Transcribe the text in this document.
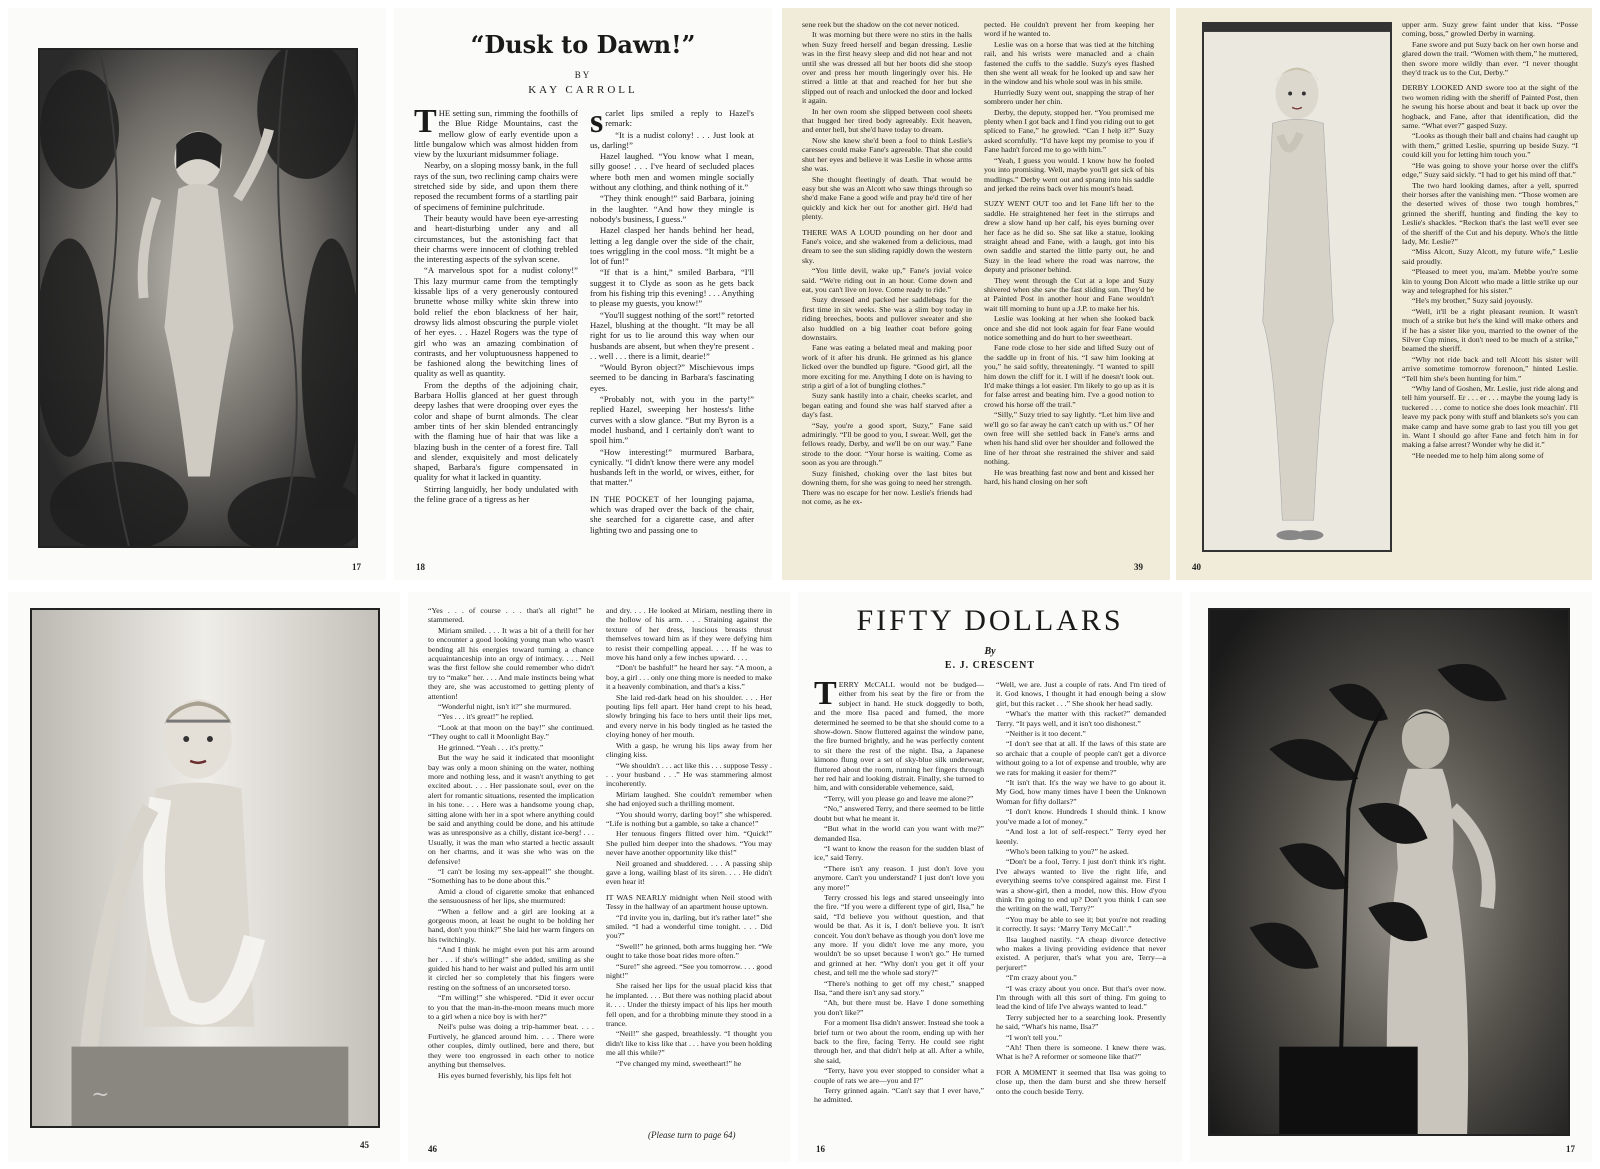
17
“Dusk to Dawn!”
BY
KAY CARROLL

THE setting sun, rimming the foothills of the Blue Ridge Mountains, cast the mellow glow of early eventide upon a little bungalow which was almost hidden from view by the luxuriant midsummer foliage.

Nearby, on a sloping mossy bank, in the full rays of the sun, two reclining camp chairs were stretched side by side, and upon them there reposed the recumbent forms of a startling pair of specimens of feminine pulchritude.

Their beauty would have been eye-arresting and heart-disturbing under any and all circumstances, but the astonishing fact that their charms were innocent of clothing trebled the interesting aspects of the sylvan scene.

“A marvelous spot for a nudist colony!” This lazy murmur came from the temptingly kissable lips of a very generously contoured brunette whose milky white skin threw into bold relief the ebon blackness of her hair, drowsy lids almost obscuring the purple violet of her eyes. . . Hazel Rogers was the type of girl who was an amazing combination of contrasts, and her voluptuousness happened to be fashioned along the bewitching lines of quality as well as quantity.

From the depths of the adjoining chair, Barbara Hollis glanced at her guest through deepy lashes that were drooping over eyes the color and shape of burnt almonds. The clear amber tints of her skin blended entrancingly with the flaming hue of hair that was like a blazing bush in the center of a forest fire. Tall and slender, exquisitely and most delicately shaped, Barbara's figure compensated in quality for what it lacked in quantity.

Stirring languidly, her body undulated with the feline grace of a tigress as her

scarlet lips smiled a reply to Hazel's remark:

“It is a nudist colony! . . . Just look at us, darling!”

Hazel laughed. “You know what I mean, silly goose! . . . I've heard of secluded places where both men and women mingle socially without any clothing, and think nothing of it.”

“They think enough!” said Barbara, joining in the laughter. “And how they mingle is nobody's business, I guess.”

Hazel clasped her hands behind her head, letting a leg dangle over the side of the chair, toes wriggling in the cool moss. “It might be a lot of fun!”

“If that is a hint,” smiled Barbara, “I'll suggest it to Clyde as soon as he gets back from his fishing trip this evening! . . . Anything to please my guests, you know!”

“You'll suggest nothing of the sort!” retorted Hazel, blushing at the thought. “It may be all right for us to lie around this way when our husbands are absent, but when they're present . . . well . . . there is a limit, dearie!”

“Would Byron object?” Mischievous imps seemed to be dancing in Barbara's fascinating eyes.

“Probably not, with you in the party!” replied Hazel, sweeping her hostess's lithe curves with a slow glance. “But my Byron is a model husband, and I certainly don't want to spoil him.”

“How interesting!” murmured Barbara, cynically. “I didn't know there were any model husbands left in the world, or wives, either, for that matter.”

IN THE POCKET of her lounging pajama, which was draped over the back of the chair, she searched for a cigarette case, and after lighting two and passing one to

18

sene reek but the shadow on the cot never noticed.

It was morning but there were no stirs in the halls when Suzy freed herself and began dressing. Leslie was in the first heavy sleep and did not hear and not until she was dressed all but her boots did she stoop over and press her mouth lingeringly over his. He stirred a little at that and reached for her but she slipped out of reach and unlocked the door and locked it again.

In her own room she slipped between cool sheets that hugged her tired body agreeably. Exit heaven, and enter hell, but she'd have today to dream.

Now she knew she'd been a fool to think Leslie's caresses could make Fane's agreeable. That she could shut her eyes and believe it was Leslie in whose arms she was.

She thought fleetingly of death. That would be easy but she was an Alcott who saw things through so she'd make Fane a good wife and pray he'd tire of her quickly and kick her out for another girl. He'd had plenty.

THERE WAS A LOUD pounding on her door and Fane's voice, and she wakened from a delicious, mad dream to see the sun sliding rapidly down the western sky.

“You little devil, wake up,” Fane's jovial voice said. “We're riding out in an hour. Come down and eat, you can't live on love. Come ready to ride.”

Suzy dressed and packed her saddlebags for the first time in six weeks. She was a slim boy today in riding breeches, boots and pullover sweater and she also huddled on a big leather coat before going downstairs.

Fane was eating a belated meal and making poor work of it after his drunk. He grinned as his glance licked over the bundled up figure. “Good girl, all the more exciting for me. Anything I dote on is having to strip a girl of a lot of bungling clothes.”

Suzy sank hastily into a chair, cheeks scarlet, and began eating and found she was half starved after a day's fast.

“Say, you're a good sport, Suzy,” Fane said admiringly. “I'll be good to you, I swear. Well, get the fellows ready, Derby, and we'll be on our way.” Fane strode to the door. “Your horse is waiting. Come as soon as you are through.”

Suzy finished, choking over the last bites but downing them, for she was going to need her strength. There was no escape for her now. Leslie's friends had not come, as he ex-

pected. He couldn't prevent her from keeping her word if he wanted to.

Leslie was on a horse that was tied at the hitching rail, and his wrists were manacled and a chain fastened the cuffs to the saddle. Suzy's eyes flashed then she went all weak for he looked up and saw her in the window and his whole soul was in his smile.

Hurriedly Suzy went out, snapping the strap of her sombrero under her chin.

Derby, the deputy, stopped her. “You promised me plenty when I got back and I find you riding out to get spliced to Fane,” he growled. “Can I help it?” Suzy asked scornfully. “I'd have kept my promise to you if Fane hadn't forced me to go with him.”

“Yeah, I guess you would. I know how he fooled you into promising. Well, maybe you'll get sick of his mudlings.” Derby went out and sprang into his saddle and jerked the reins back over his mount's head.

SUZY WENT OUT too and let Fane lift her to the saddle. He straightened her feet in the stirrups and drew a slow hand up her calf, his eyes burning over her face as he did so. She sat like a statue, looking straight ahead and Fane, with a laugh, got into his own saddle and started the little party out, he and Suzy in the lead where the road was narrow, the deputy and prisoner behind.

They went through the Cut at a lope and Suzy shivered when she saw the fast sliding sun. They'd be at Painted Post in another hour and Fane wouldn't wait till morning to hunt up a J.P. to make her his.

Leslie was looking at her when she looked back once and she did not look again for fear Fane would notice something and do hurt to her sweetheart.

Fane rode close to her side and lifted Suzy out of the saddle up in front of his. “I saw him looking at you,” he said softly, threateningly. “I wanted to spill him down the cliff for it. I will if he doesn't look out. It'd make things a lot easier. I'm likely to go up as it is for false arrest and beating him. I've a good notion to crowd his horse off the trail.”

“Silly,” Suzy tried to say lightly. “Let him live and we'll go so far away he can't catch up with us.” Of her own free will she settled back in Fane's arms and when his hand slid over her shoulder and followed the line of her throat she restrained the shiver and said nothing.

He was breathing fast now and bent and kissed her hard, his hand closing on her soft

39

upper arm. Suzy grew faint under that kiss. “Posse coming, boss,” growled Derby in warning.

Fane swore and put Suzy back on her own horse and glared down the trail. “Women with them,” he muttered, then swore more wildly than ever. “I never thought they'd track us to the Cut, Derby.”

DERBY LOOKED AND swore too at the sight of the two women riding with the sheriff of Painted Post, then he swung his horse about and beat it back up over the hogback, and Fane, after that identification, did the same. “What ever?” gasped Suzy.

“Looks as though their ball and chains had caught up with them,” gritted Leslie, spurring up beside Suzy. “I could kill you for letting him touch you.”

“He was going to shove your horse over the cliff's edge,” Suzy said sickly. “I had to get his mind off that.”

The two hard looking dames, after a yell, spurred their horses after the vanishing men. “Those women are the deserted wives of those two tough hombres,” grinned the sheriff, hunting and finding the key to Leslie's shackles. “Reckon that's the last we'll ever see of the sheriff of the Cut and his deputy. Who's the little lady, Mr. Leslie?”

“Miss Alcott, Suzy Alcott, my future wife,” Leslie said proudly.

“Pleased to meet you, ma'am. Mebbe you're some kin to young Don Alcott who made a little strike up our way and telegraphed for his sister.”

“He's my brother,” Suzy said joyously.

“Well, it'll be a right pleasant reunion. It wasn't much of a strike but he's the kind will make others and if he has a sister like you, married to the owner of the Silver Cup mines, it don't need to be much of a strike,” beamed the sheriff.

“Why not ride back and tell Alcott his sister will arrive sometime tomorrow forenoon,” hinted Leslie. “Tell him she's been hunting for him.”

“Why land of Goshen, Mr. Leslie, just ride along and tell him yourself. Er . . . er . . . maybe the young lady is tuckered . . . come to notice she does look meachin'. I'll leave my pack pony with stuff and blankets so's you can make camp and have some grab to last you till you get in. Want I should go after Fane and fetch him in for making a false arrest? Wonder why he did it.”

“He needed me to help him along some of

40
~
45

“Yes . . . of course . . . that's all right!” he stammered.

Miriam smiled. . . . It was a bit of a thrill for her to encounter a good looking young man who wasn't bending all his energies toward turning a chance acquaintanceship into an orgy of intimacy. . . . Neil was the first fellow she could remember who didn't try to “make” her. . . . And male instincts being what they are, she was accustomed to getting plenty of attention!

“Wonderful night, isn't it?” she murmured.

“Yes . . . it's great!” he replied.

“Look at that moon on the bay!” she continued. “They ought to call it Moonlight Bay.”

He grinned. “Yeah . . . it's pretty.”

But the way he said it indicated that moonlight bay was only a moon shining on the water, nothing more and nothing less, and it wasn't anything to get excited about. . . . Her passionate soul, ever on the alert for romantic situations, resented the implication in his tone. . . . Here was a handsome young chap, sitting alone with her in a spot where anything could be said and anything could be done, and his attitude was as unresponsive as a chilly, distant ice-berg! . . . Usually, it was the man who started a hectic assault on her charms, and it was she who was on the defensive!

“I can't be losing my sex-appeal!” she thought. “Something has to be done about this.”

Amid a cloud of cigarette smoke that enhanced the sensuousness of her lips, she murmured:

“When a fellow and a girl are looking at a gorgeous moon, at least he ought to be holding her hand, don't you think?” She laid her warm fingers on his twitchingly.

“And I think he might even put his arm around her . . . if she's willing!” she added, smiling as she guided his hand to her waist and pulled his arm until it circled her so completely that his fingers were resting on the softness of an uncorseted torso.

“I'm willing!” she whispered. “Did it ever occur to you that the man-in-the-moon means much more to a girl when a nice boy is with her?”

Neil's pulse was doing a trip-hammer beat. . . . Furtively, he glanced around him. . . . There were other couples, dimly outlined, here and there, but they were too engrossed in each other to notice anything but themselves.

His eyes burned feverishly, his lips felt hot

and dry. . . . He looked at Miriam, nestling there in the hollow of his arm. . . . Straining against the texture of her dress, luscious breasts thrust themselves toward him as if they were defying him to resist their compelling appeal. . . . If he was to move his hand only a few inches upward. . . .

“Don't be bashful!” he heard her say. “A moon, a boy, a girl . . . only one thing more is needed to make it a heavenly combination, and that's a kiss.”

She laid red-dark head on his shoulder. . . . Her pouting lips fell apart. Her hand crept to his head, slowly bringing his face to hers until their lips met, and every nerve in his body tingled as he tasted the cloying honey of her mouth.

With a gasp, he wrung his lips away from her clinging kiss.

“We shouldn't . . . act like this . . . suppose Tessy . . . your husband . . .” He was stammering almost incoherently.

Miriam laughed. She couldn't remember when she had enjoyed such a thrilling moment.

“You should worry, darling boy!” she whispered. “Life is nothing but a gamble, so take a chance!”

Her tenuous fingers flitted over him. “Quick!” She pulled him deeper into the shadows. “You may never have another opportunity like this!”

Neil groaned and shuddered. . . . A passing ship gave a long, wailing blast of its siren. . . . He didn't even hear it!

IT WAS NEARLY midnight when Neil stood with Tessy in the hallway of an apartment house uptown.

“I'd invite you in, darling, but it's rather late!” she smiled. “I had a wonderful time tonight. . . . Did you?”

“Swell!” he grinned, both arms hugging her. “We ought to take those boat rides more often.”

“Sure!” she agreed. “See you tomorrow. . . . good night!”

She raised her lips for the usual placid kiss that he implanted. . . . But there was nothing placid about it. . . . Under the thirsty impact of his lips her mouth fell open, and for a throbbing minute they stood in a trance.

“Neil!” she gasped, breathlessly. “I thought you didn't like to kiss like that . . . have you been holding me all this while?”

“I've changed my mind, sweetheart!” he

(Please turn to page 64)
46
FIFTY DOLLARS
By
E. J. CRESCENT

TERRY McCALL would not be budged—either from his seat by the fire or from the subject in hand. He stuck doggedly to both, and the more Ilsa paced and fumed, the more determined he seemed to be that she should come to a show-down. Snow fluttered against the window pane, the fire burned brightly, and he was perfectly content to sit there the rest of the night. Ilsa, a Japanese kimono flung over a set of sky-blue silk underwear, fluttered about the room, running her fingers through her red hair and looking distrait. Finally, she turned to him, and with considerable vehemence, said,

“Terry, will you please go and leave me alone?”

“No,” answered Terry, and there seemed to be little doubt but what he meant it.

“But what in the world can you want with me?” demanded Ilsa.

“I want to know the reason for the sudden blast of ice,” said Terry.

“There isn't any reason. I just don't love you anymore. Can't you understand? I just don't love you any more!”

Terry crossed his legs and stared unseeingly into the fire. “If you were a different type of girl, Ilsa,” he said, “I'd believe you without question, and that would be that. As it is, I don't believe you. It isn't conceit. You don't behave as though you don't love me any more. If you didn't love me any more, you wouldn't be so upset because I won't go.” He turned and grinned at her. “Why don't you get it off your chest, and tell me the whole sad story?”

“There's nothing to get off my chest,” snapped Ilsa, “and there isn't any sad story.”

“Ah, but there must be. Have I done something you don't like?”

For a moment Ilsa didn't answer. Instead she took a brief turn or two about the room, ending up with her back to the fire, facing Terry. He could see right through her, and that didn't help at all. After a while, she said,

“Terry, have you ever stopped to consider what a couple of rats we are—you and I?”

Terry grinned again. “Can't say that I ever have,” he admitted.

“Well, we are. Just a couple of rats. And I'm tired of it. God knows, I thought it had enough being a slow girl, but this racket . . .” She shook her head sadly.

“What's the matter with this racket?” demanded Terry. “It pays well, and it isn't too dishonest.”

“Neither is it too decent.”

“I don't see that at all. If the laws of this state are so archaic that a couple of people can't get a divorce without going to a lot of expense and trouble, why are we rats for making it easier for them?”

“It isn't that. It's the way we have to go about it. My God, how many times have I been the Unknown Woman for fifty dollars?”

“I don't know. Hundreds I should think. I know you've made a lot of money.”

“And lost a lot of self-respect.” Terry eyed her keenly.

“Who's been talking to you?” he asked.

“Don't be a fool, Terry. I just don't think it's right. I've always wanted to live the right life, and everything seems to've conspired against me. First I was a show-girl, then a model, now this. How d'you think I'm going to end up? Don't you think I can see the writing on the wall, Terry?”

“You may be able to see it; but you're not reading it correctly. It says: ‘Marry Terry McCall’.”

Ilsa laughed nastily. “A cheap divorce detective who makes a living providing evidence that never existed. A perjurer, that's what you are, Terry—a perjurer!”

“I'm crazy about you.”

“I was crazy about you once. But that's over now. I'm through with all this sort of thing. I'm going to lead the kind of life I've always wanted to lead.”

Terry subjected her to a searching look. Presently he said, “What's his name, Ilsa?”

“I won't tell you.”

“Ah! Then there is someone. I knew there was. What is he? A reformer or someone like that?”

FOR A MOMENT it seemed that Ilsa was going to close up, then the dam burst and she threw herself onto the couch beside Terry.

16	17
